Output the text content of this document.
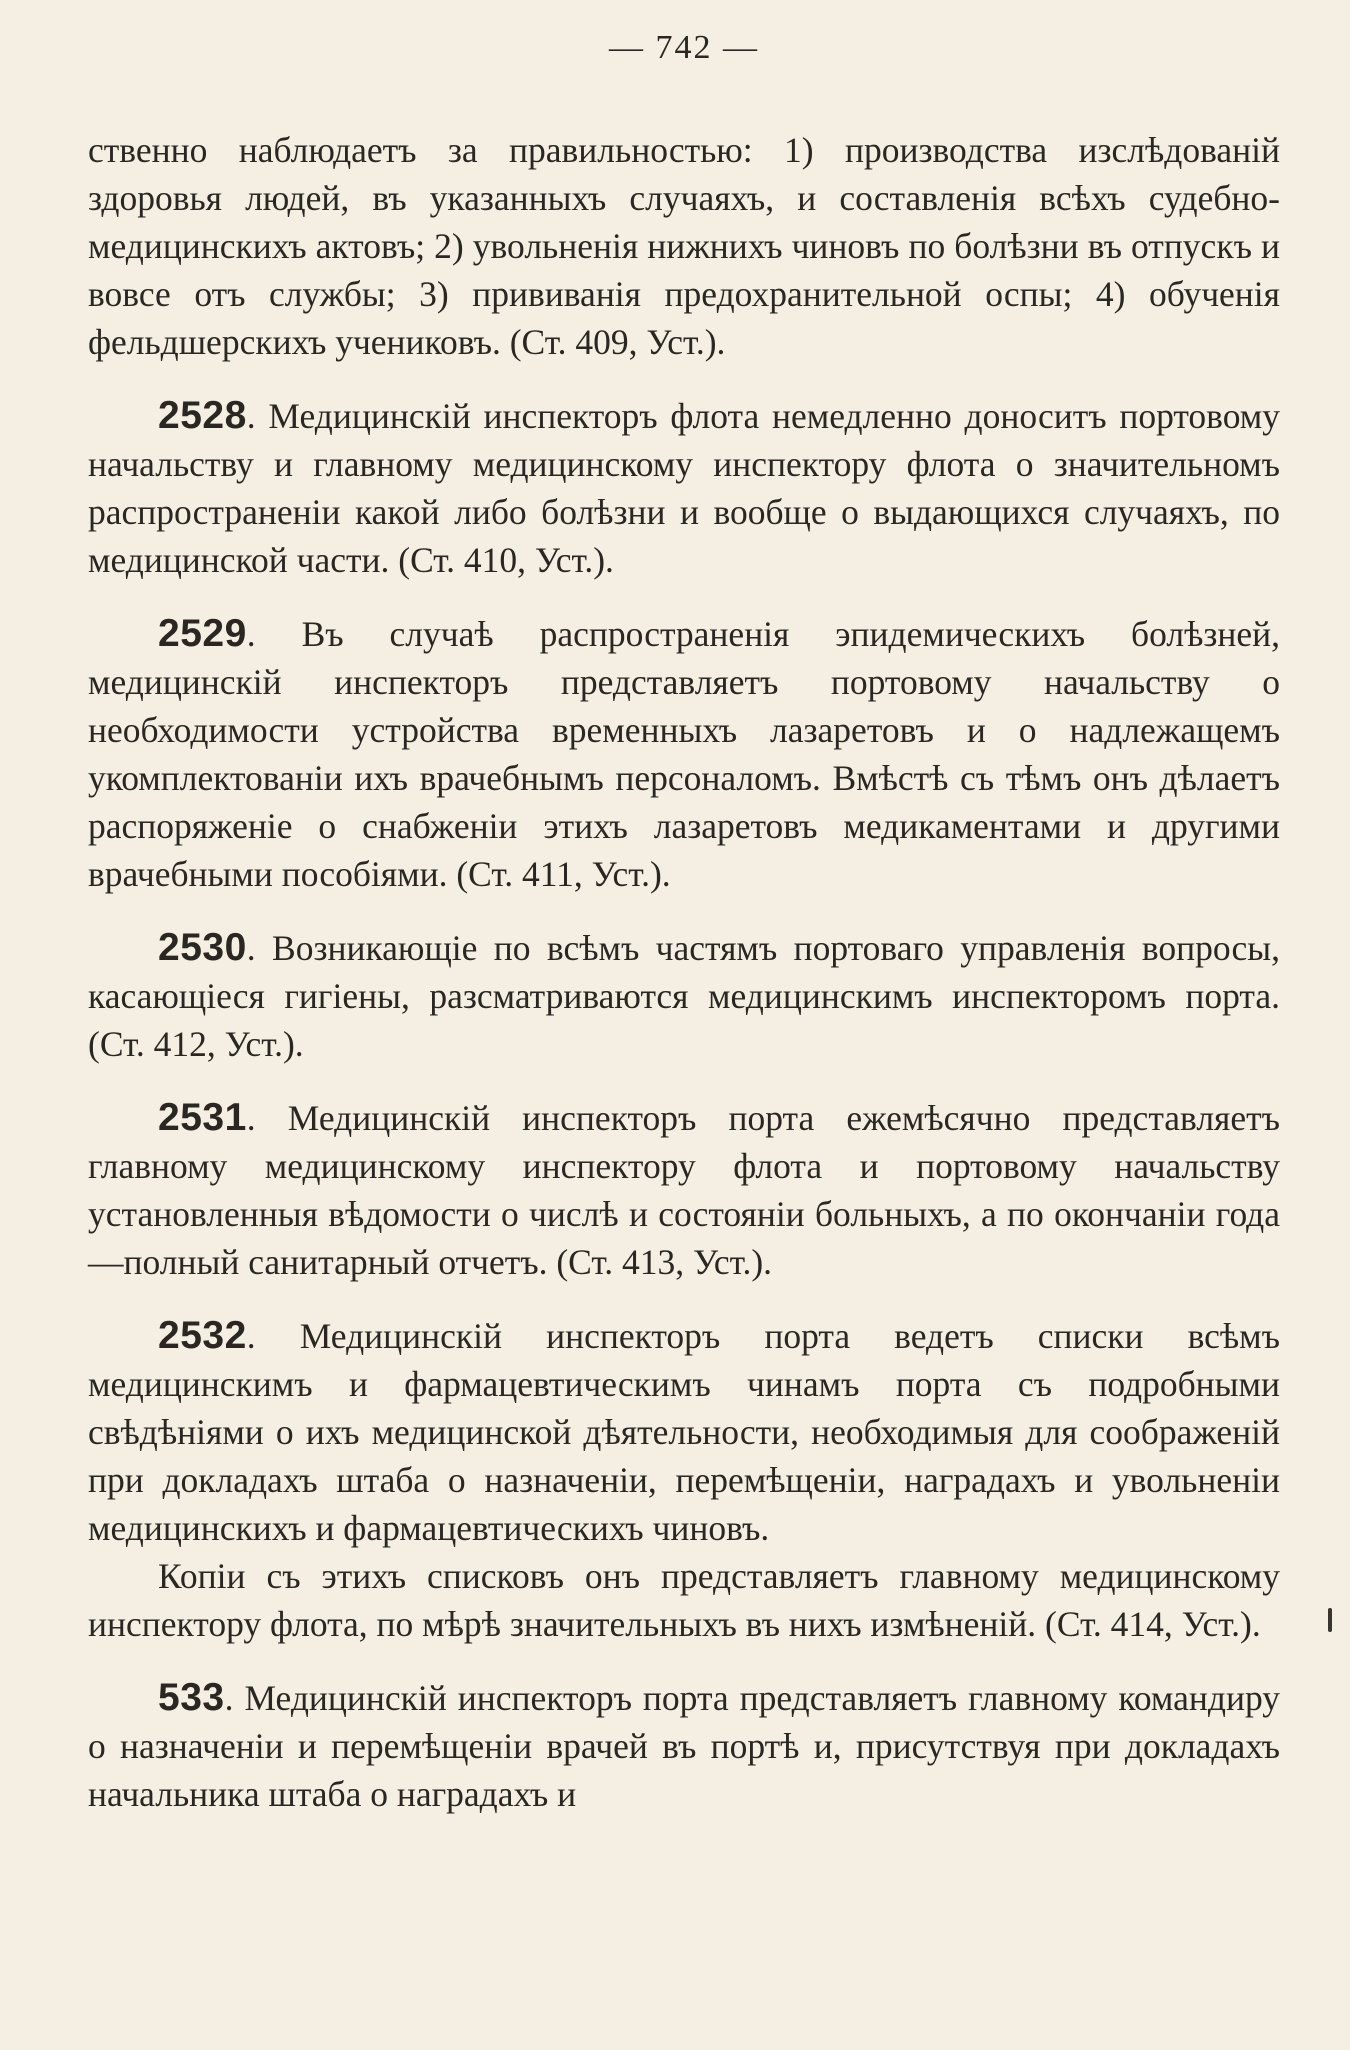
— 742 —

ственно наблюдаетъ за правильностью: 1) производства изслѣдованій здоровья людей, въ указанныхъ случаяхъ, и составленія всѣхъ судебно-медицинскихъ актовъ; 2) увольненія нижнихъ чиновъ по болѣзни въ отпускъ и вовсе отъ службы; 3) прививанія предохранительной оспы; 4) обученія фельдшерскихъ учениковъ. (Ст. 409, Уст.).

2528. Медицинскій инспекторъ флота немедленно доноситъ портовому начальству и главному медицинскому инспектору флота о значительномъ распространеніи какой либо болѣзни и вообще о выдающихся случаяхъ, по медицинской части. (Ст. 410, Уст.).
2529. Въ случаѣ распространенія эпидемическихъ болѣзней, медицинскій инспекторъ представляетъ портовому начальству о необходимости устройства временныхъ лазаретовъ и о надлежащемъ укомплектованіи ихъ врачебнымъ персоналомъ. Вмѣстѣ съ тѣмъ онъ дѣлаетъ распоряженіе о снабженіи этихъ лазаретовъ медикаментами и другими врачебными пособіями. (Ст. 411, Уст.).
2530. Возникающіе по всѣмъ частямъ портоваго управленія вопросы, касающіеся гигіены, разсматриваются медицинскимъ инспекторомъ порта. (Ст. 412, Уст.).
2531. Медицинскій инспекторъ порта ежемѣсячно представляетъ главному медицинскому инспектору флота и портовому начальству установленныя вѣдомости о числѣ и состояніи больныхъ, а по окончаніи года—полный санитарный отчетъ. (Ст. 413, Уст.).
2532. Медицинскій инспекторъ порта ведетъ списки всѣмъ медицинскимъ и фармацевтическимъ чинамъ порта съ подробными свѣдѣніями о ихъ медицинской дѣятельности, необходимыя для соображеній при докладахъ штаба о назначеніи, перемѣщеніи, наградахъ и увольненіи медицинскихъ и фармацевтическихъ чиновъ.
Копіи съ этихъ списковъ онъ представляетъ главному медицинскому инспектору флота, по мѣрѣ значительныхъ въ нихъ измѣненій. (Ст. 414, Уст.).
533. Медицинскій инспекторъ порта представляетъ главному командиру о назначеніи и перемѣщеніи врачей въ портѣ и, присутствуя при докладахъ начальника штаба о наградахъ и
